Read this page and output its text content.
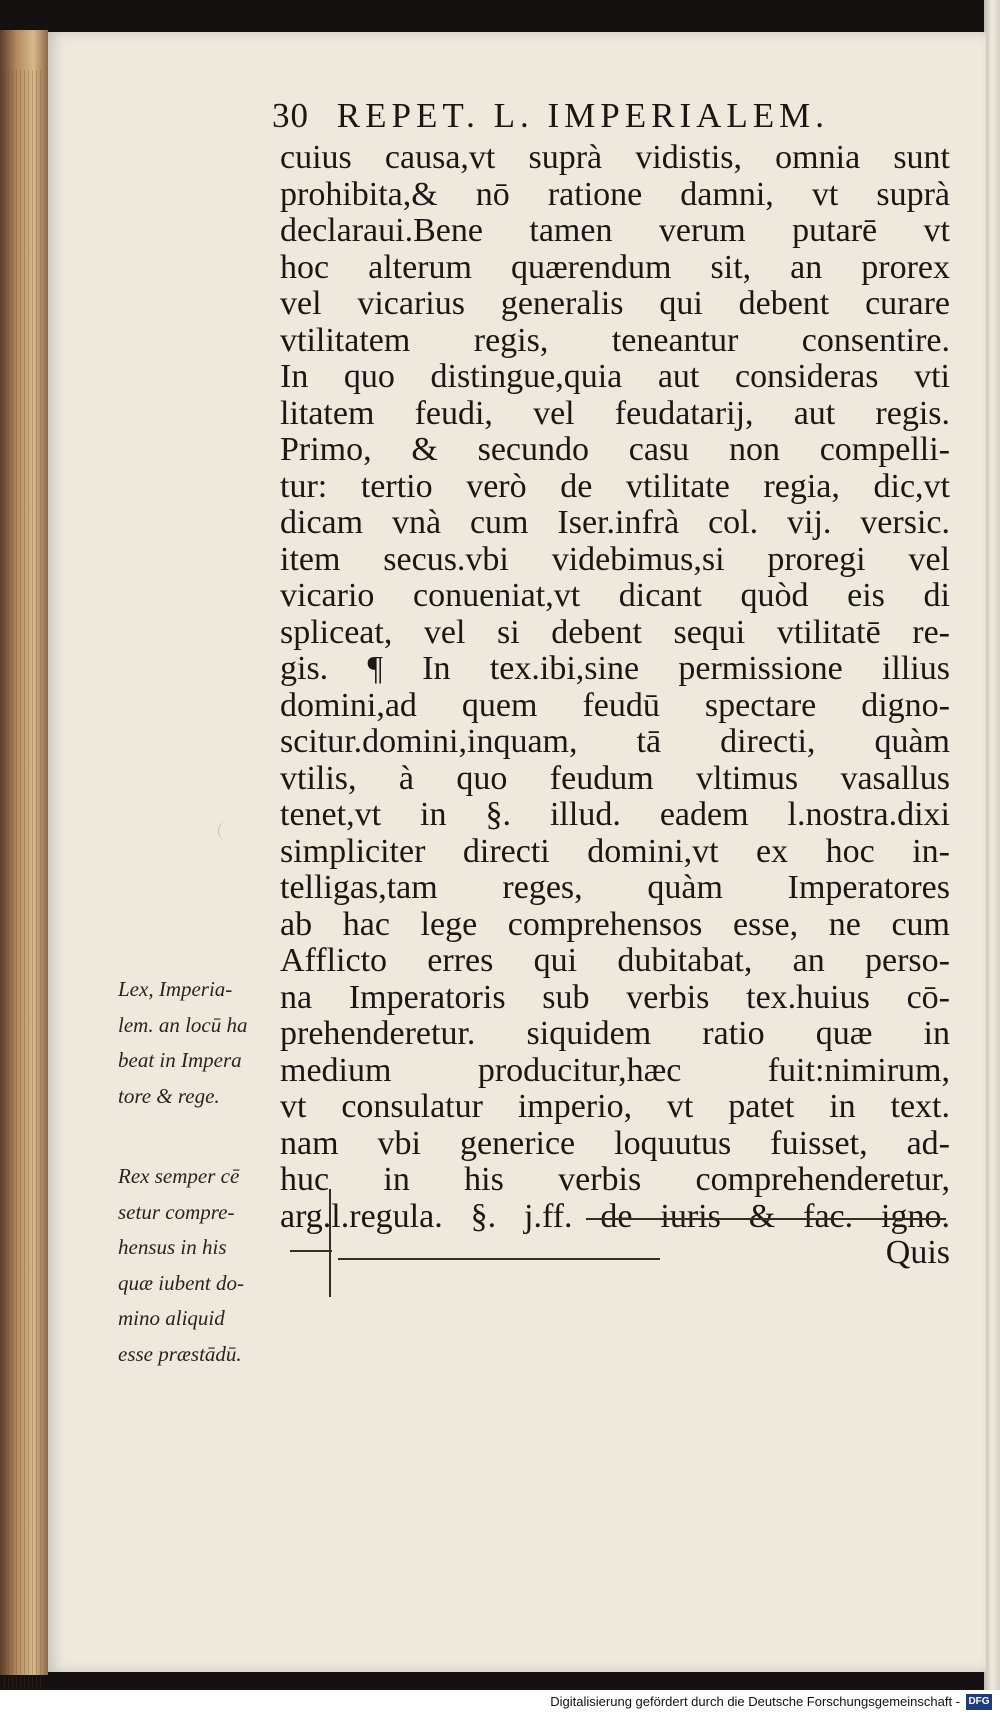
30 REPET. L. IMPERIALEM.
cuius causa,vt suprà vidistis, omnia sunt
prohibita,& nō ratione damni, vt suprà
declaraui.Bene tamen verum putarē vt
hoc alterum quærendum sit, an prorex
vel vicarius generalis qui debent curare
vtilitatem regis, teneantur consentire.
In quo distingue,quia aut consideras vti
litatem feudi, vel feudatarij, aut regis.
Primo, & secundo casu non compelli-
tur: tertio verò de vtilitate regia, dic,vt
dicam vnà cum Iser.infrà col. vij. versic.
item secus.vbi videbimus,si proregi vel
vicario conueniat,vt dicant quòd eis di
spliceat, vel si debent sequi vtilitatē re-
gis. ¶ In tex.ibi,sine permissione illius
domini,ad quem feudū spectare digno-
scitur.domini,inquam, tā directi, quàm
vtilis, à quo feudum vltimus vasallus
tenet,vt in §. illud. eadem l.nostra.dixi
simpliciter directi domini,vt ex hoc in-
telligas,tam reges, quàm Imperatores
ab hac lege comprehensos esse, ne cum
Afflicto erres qui dubitabat, an perso-
na Imperatoris sub verbis tex.huius cō-
prehenderetur. siquidem ratio quæ in
medium producitur,hæc fuit:nimirum,
vt consulatur imperio, vt patet in text.
nam vbi generice loquutus fuisset, ad-
huc in his verbis comprehenderetur,
arg.l.regula. §. j.ff. de iuris & fac. igno.
Quis
Lex, Imperia-
lem. an locū ha
beat in Impera
tore & rege.
Rex semper cē
setur compre-
hensus in his
quæ iubent do-
mino aliquid
esse præstādū.
Digitalisierung gefördert durch die Deutsche Forschungsgemeinschaft - DFG
